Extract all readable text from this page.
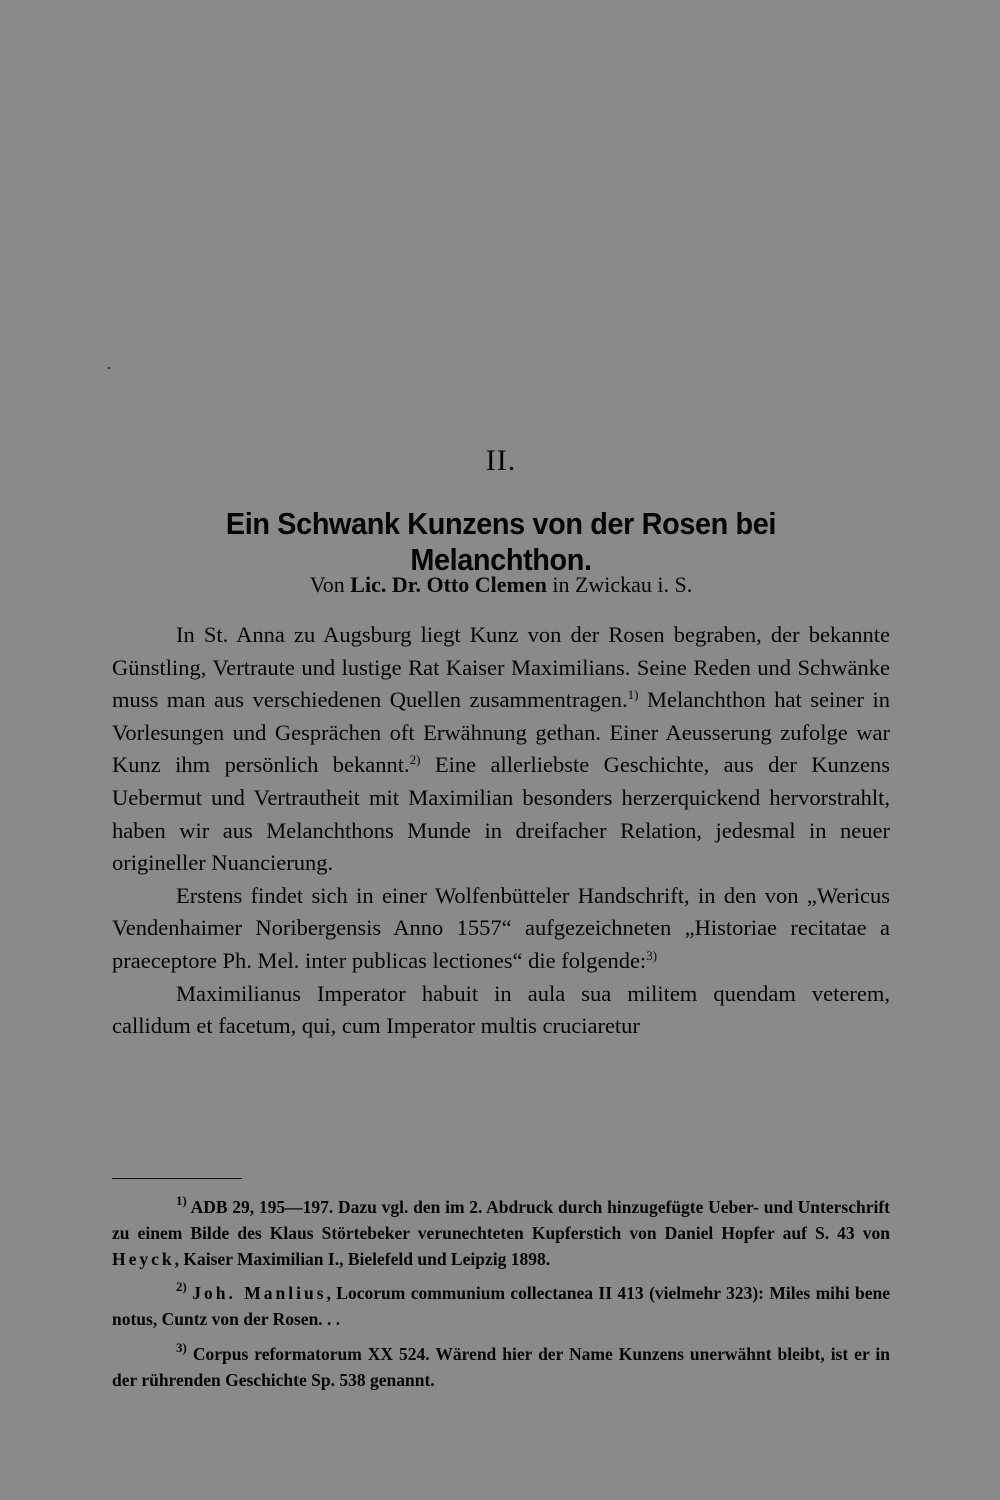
II.
Ein Schwank Kunzens von der Rosen bei Melanchthon.
Von Lic. Dr. Otto Clemen in Zwickau i. S.

In St. Anna zu Augsburg liegt Kunz von der Rosen begraben, der bekannte Günstling, Vertraute und lustige Rat Kaiser Maximilians. Seine Reden und Schwänke muss man aus verschiedenen Quellen zusammentragen.$^{1)}$ Melanchthon hat seiner in Vorlesungen und Gesprächen oft Erwähnung gethan. Einer Aeusserung zufolge war Kunz ihm persönlich bekannt.$^{2)}$ Eine allerliebste Geschichte, aus der Kunzens Uebermut und Vertrautheit mit Maximilian besonders herzerquickend hervorstrahlt, haben wir aus Melanchthons Munde in dreifacher Relation, jedesmal in neuer origineller Nuancierung.

Erstens findet sich in einer Wolfenbütteler Handschrift, in den von „Wericus Vendenhaimer Noribergensis Anno 1557“ aufgezeichneten „Historiae recitatae a praeceptore Ph. Mel. inter publicas lectiones“ die folgende:$^{3)}$

Maximilianus Imperator habuit in aula sua militem quendam veterem, callidum et facetum, qui, cum Imperator multis cruciaretur

$^{1)}$ ADB 29, 195—197. Dazu vgl. den im 2. Abdruck durch hinzugefügte Ueber- und Unterschrift zu einem Bilde des Klaus Störtebeker verunechteten Kupferstich von Daniel Hopfer auf S. 43 von Heyck, Kaiser Maximilian I., Bielefeld und Leipzig 1898.

$^{2)}$ Joh. Manlius, Locorum communium collectanea II 413 (vielmehr 323): Miles mihi bene notus, Cuntz von der Rosen. . .

$^{3)}$ Corpus reformatorum XX 524. Wärend hier der Name Kunzens unerwähnt bleibt, ist er in der rührenden Geschichte Sp. 538 genannt.
